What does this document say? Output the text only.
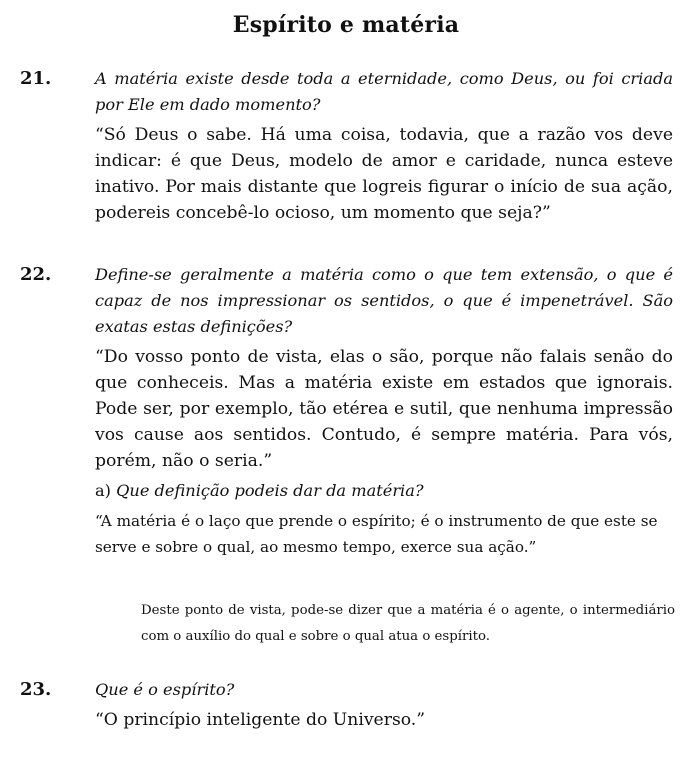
Espírito e matéria
21.	A matéria existe desde toda a eternidade, como Deus, ou foi criada por Ele em dado momento?

“Só Deus o sabe. Há uma coisa, todavia, que a razão vos deve indicar: é que Deus, modelo de amor e caridade, nunca esteve inativo. Por mais distante que logreis figurar o início de sua ação, podereis concebê-lo ocioso, um momento que seja?”

22.	Define-se geralmente a matéria como o que tem extensão, o que é capaz de nos impressionar os sentidos, o que é impenetrável. São exatas estas definições?

“Do vosso ponto de vista, elas o são, porque não falais senão do que conheceis. Mas a matéria existe em estados que ignorais. Pode ser, por exemplo, tão etérea e sutil, que nenhuma impressão vos cause aos sentidos. Contudo, é sempre matéria. Para vós, porém, não o seria.”

a) Que definição podeis dar da matéria?

“A matéria é o laço que prende o espírito; é o instrumento de que este se serve e sobre o qual, ao mesmo tempo, exerce sua ação.”

Deste ponto de vista, pode-se dizer que a matéria é o agente, o intermediário com o auxílio do qual e sobre o qual atua o espírito.

23.	Que é o espírito?

“O princípio inteligente do Universo.”
